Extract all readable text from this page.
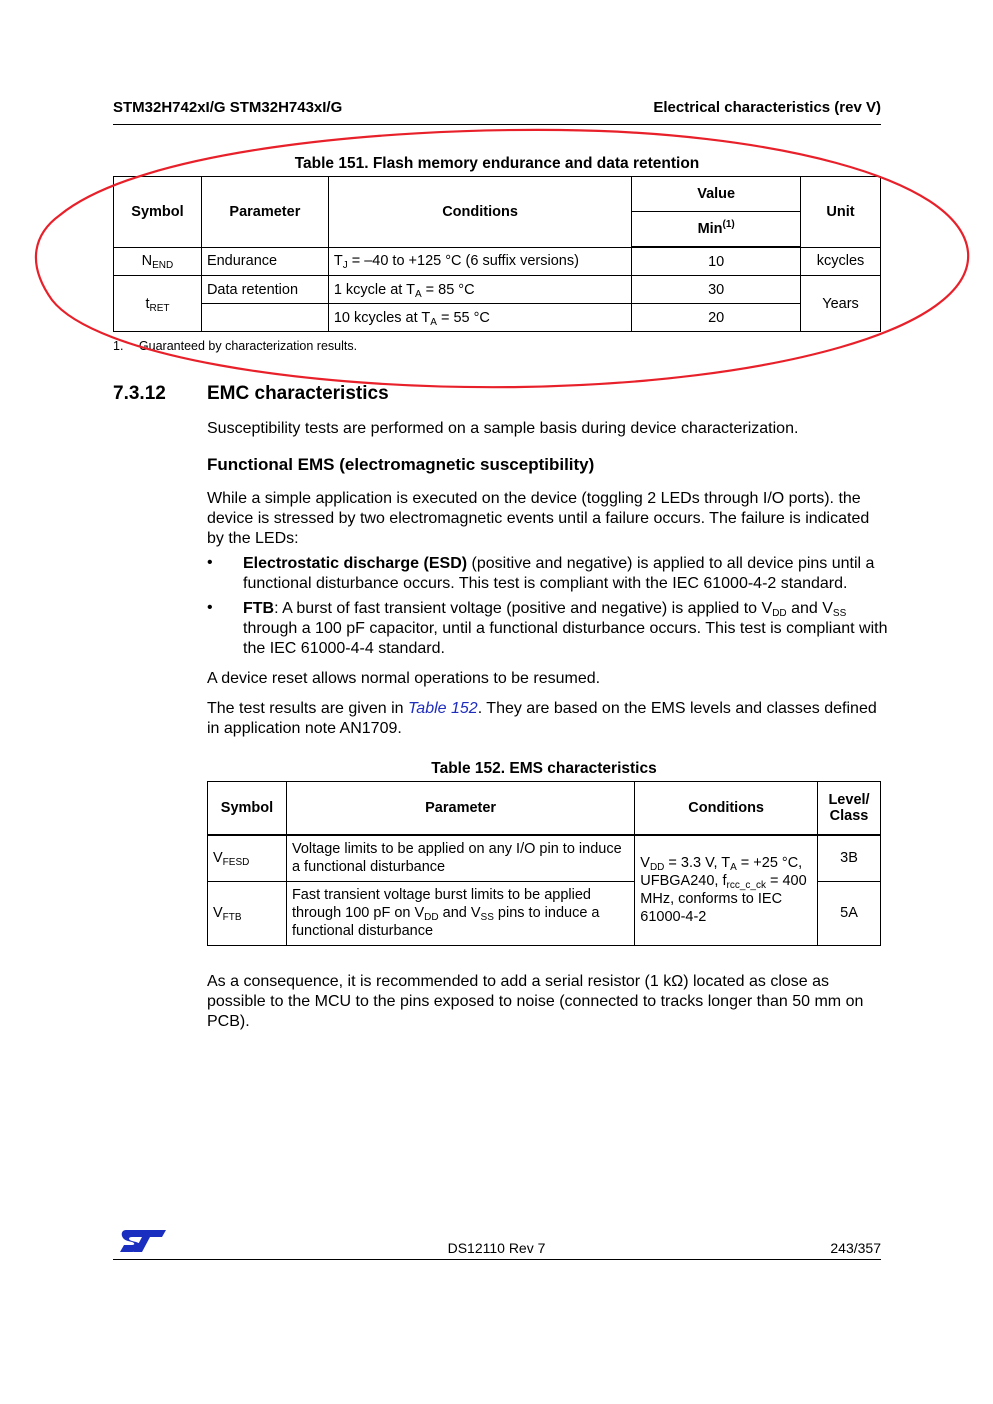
STM32H742xI/G STM32H743xI/G	Electrical characteristics (rev V)
Table 151. Flash memory endurance and data retention
Symbol	Parameter	Conditions	Value	Unit
			Min$^{(1)}$
$N_{END}$	Endurance	$T_J = -40$ to +125 °C (6 suffix versions)	10	kcycles
$t_{RET}$	Data retention	1 kcycle at $T_A = 85$ °C	30	Years
		10 kcycles at $T_A = 55$ °C	20	
1. Guaranteed by characterization results.
7.3.12 EMC characteristics
Susceptibility tests are performed on a sample basis during device characterization.
Functional EMS (electromagnetic susceptibility)
While a simple application is executed on the device (toggling 2 LEDs through I/O ports). the device is stressed by two electromagnetic events until a failure occurs. The failure is indicated by the LEDs:
• Electrostatic discharge (ESD) (positive and negative) is applied to all device pins until a functional disturbance occurs. This test is compliant with the IEC 61000-4-2 standard.
• FTB: A burst of fast transient voltage (positive and negative) is applied to $V_{DD}$ and $V_{SS}$ through a 100 pF capacitor, until a functional disturbance occurs. This test is compliant with the IEC 61000-4-4 standard.
A device reset allows normal operations to be resumed.
The test results are given in Table 152. They are based on the EMS levels and classes defined in application note AN1709.
Table 152. EMS characteristics
Symbol	Parameter	Conditions	Level/
Class
$V_{FESD}$	Voltage limits to be applied on any I/O pin to induce a functional disturbance	$V_{DD} = 3.3$ V, $T_A = +25$ °C, UFBGA240, $f_{rcc\_c\_ck} = 400$ MHz, conforms to IEC 61000-4-2	3B
$V_{FTB}$	Fast transient voltage burst limits to be applied through 100 pF on $V_{DD}$ and $V_{SS}$ pins to induce a functional disturbance		5A
As a consequence, it is recommended to add a serial resistor (1 kΩ) located as close as possible to the MCU to the pins exposed to noise (connected to tracks longer than 50 mm on PCB).
DS12110 Rev 7	243/357
